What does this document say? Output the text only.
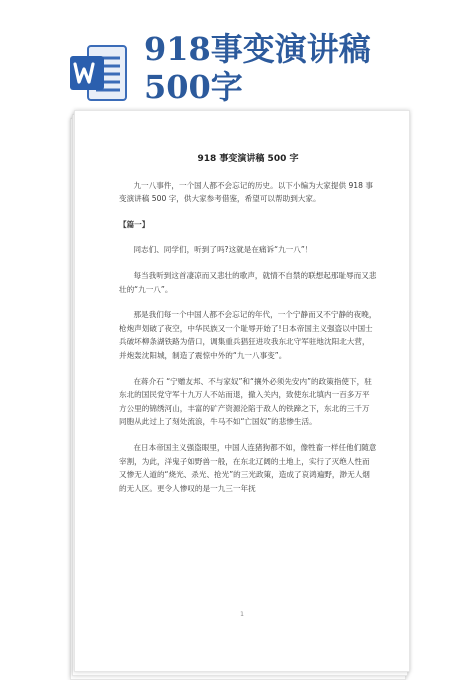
918事变演讲稿
500字
918 事变演讲稿 500 字

九一八事件，一个国人都不会忘记的历史。以下小编为大家提供 918 事变演讲稿 500 字，供大家参考借鉴，希望可以帮助到大家。

【篇一】

同志们、同学们，听到了吗?这就是在痛诉“九一八”！

每当我听到这首凄凉而又悲壮的歌声，就情不自禁的联想起那耻辱而又悲壮的“九一八”。

那是我们每一个中国人都不会忘记的年代，一个宁静而又不宁静的夜晚，枪炮声划破了夜空，中华民族又一个耻辱开始了!日本帝国主义强盗以中国士兵破坏柳条湖铁路为借口，调集重兵猖狂进攻我东北守军驻地沈阳北大营，并炮轰沈阳城，制造了震惊中外的“九一八事变”。

在蒋介石 “宁赠友邦、不与家奴”和“攘外必须先安内”的政策指使下，驻东北的国民党守军十九万人不站而退，撤入关内，致使东北填内一百多万平方公里的锦绣河山，丰富的矿产资源沦陷于敌人的铁蹄之下，东北的三千万同胞从此过上了刻处流浪，牛马不如“亡国奴”的悲惨生活。

在日本帝国主义强盗眼里，中国人连猪狗都不如，像牲畜一样任他们随意宰割，为此，洋鬼子如野兽一般，在东北辽阔的土地上，实行了灭绝人性而又惨无人道的“烧光、杀光、抢光”的三光政策，造成了哀鸿遍野，渺无人烟的无人区。更令人惨叹的是一九三一年抚

1
